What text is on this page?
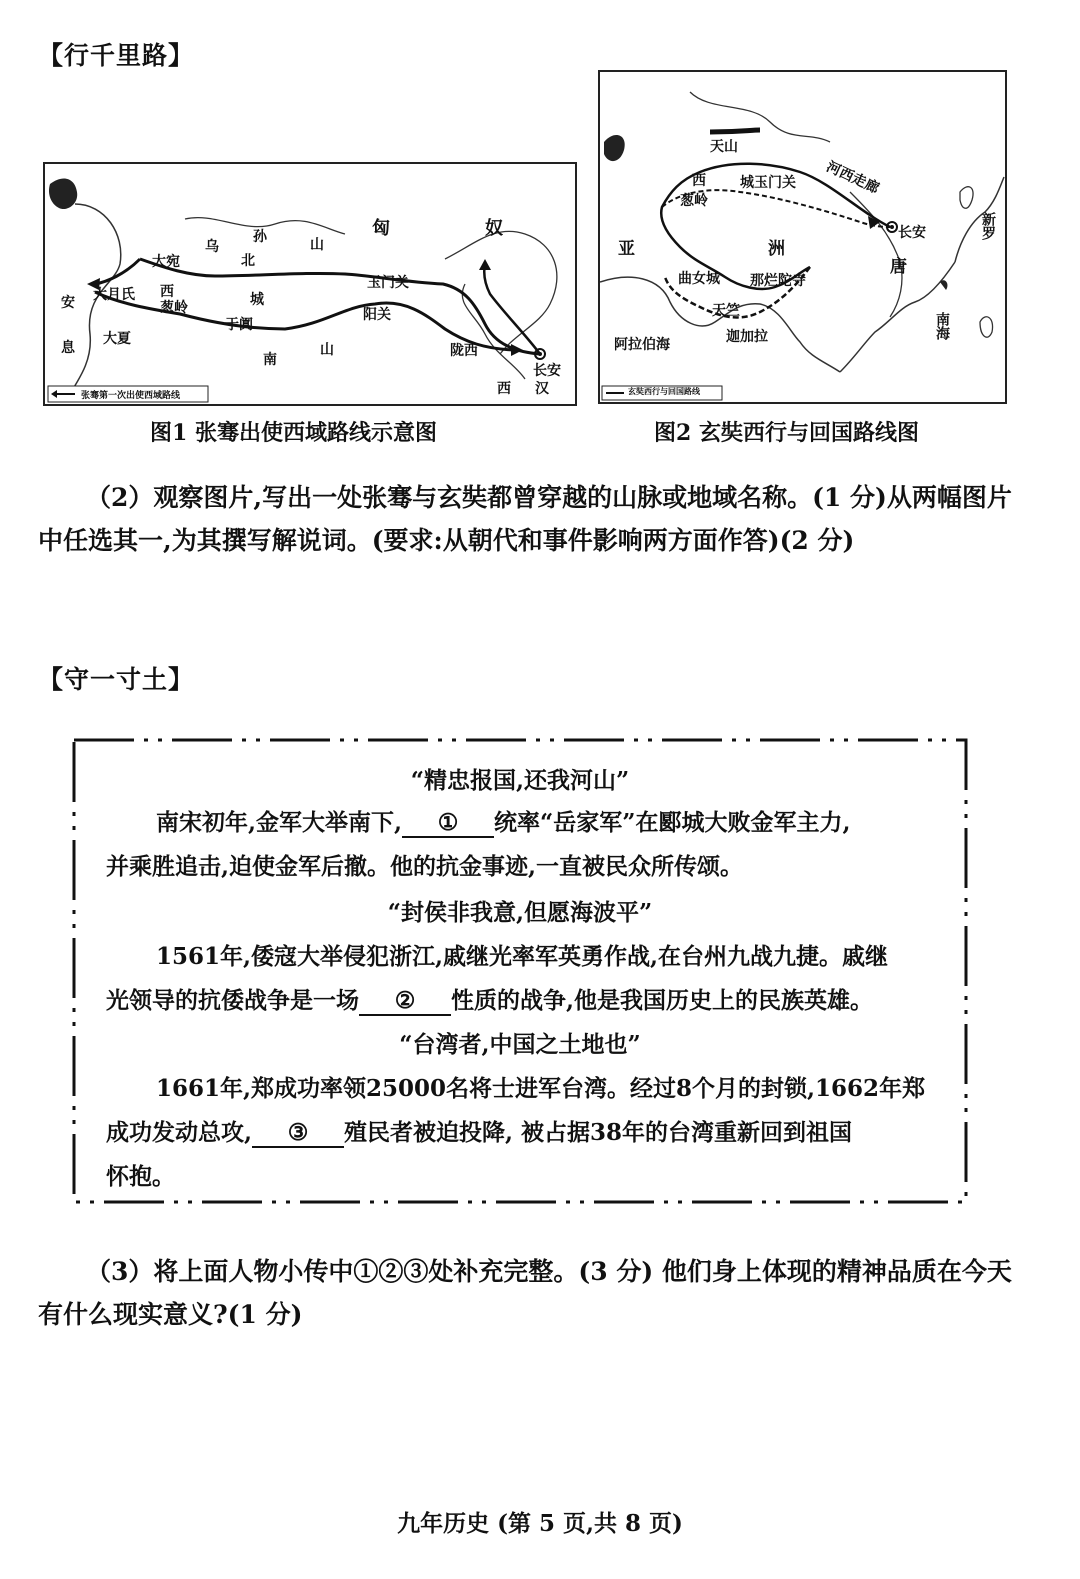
【行千里路】
张骞第一次出使西域路线
匈	奴
乌
孙
北
山
大宛
大月氏
安
息
大夏
西
葱岭	城
于阗
南
山
玉门关
阳关
陇西
长安
西 汉
图1 张骞出使西域路线示意图
玄奘西行与回国路线
天山
西
葱岭
城玉门关 河西走廊
长安
唐
亚	洲
曲女城 那烂陀寺
天竺
迦加拉
阿拉伯海
南海
新罗
图2 玄奘西行与回国路线图
（2）观察图片,写出一处张骞与玄奘都曾穿越的山脉或地域名称。(1 分)从两幅图片
中任选其一,为其撰写解说词。(要求:从朝代和事件影响两方面作答)(2 分)
【守一寸土】
“精忠报国,还我河山”
南宋初年,金军大举南下, ① 统率“岳家军”在郾城大败金军主力,
并乘胜追击,迫使金军后撤。他的抗金事迹,一直被民众所传颂。
“封侯非我意,但愿海波平”
1561年,倭寇大举侵犯浙江,戚继光率军英勇作战,在台州九战九捷。戚继
光领导的抗倭战争是一场 ② 性质的战争,他是我国历史上的民族英雄。
“台湾者,中国之土地也”
1661年,郑成功率领25000名将士进军台湾。经过8个月的封锁,1662年郑
成功发动总攻, ③ 殖民者被迫投降, 被占据38年的台湾重新回到祖国
怀抱。
（3）将上面人物小传中①②③处补充完整。(3 分) 他们身上体现的精神品质在今天
有什么现实意义?(1 分)
九年历史 (第 5 页,共 8 页)
